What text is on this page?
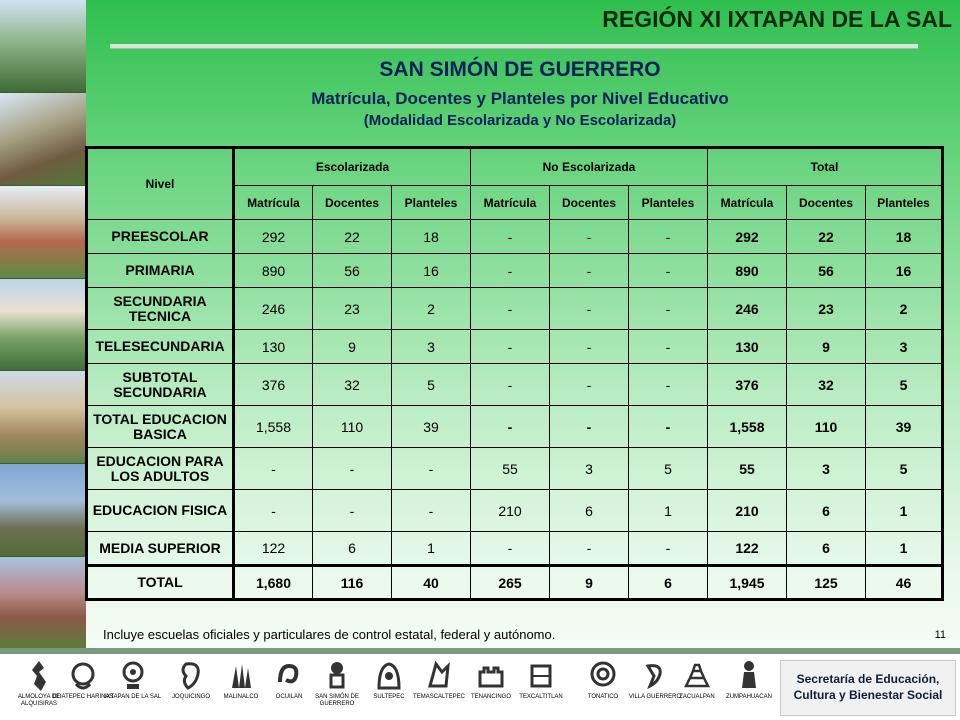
REGIÓN XI IXTAPAN DE LA SAL
SAN SIMÓN DE GUERRERO
Matrícula, Docentes y Planteles por Nivel Educativo
(Modalidad Escolarizada y No Escolarizada)
Nivel	Escolarizada			No Escolarizada			Total		
	Matrícula	Docentes	Planteles	Matrícula	Docentes	Planteles	Matrícula	Docentes	Planteles
PREESCOLAR	292	22	18	-	-	-	292	22	18
PRIMARIA	890	56	16	-	-	-	890	56	16
SECUNDARIA TECNICA	246	23	2	-	-	-	246	23	2
TELESECUNDARIA	130	9	3	-	-	-	130	9	3
SUBTOTAL SECUNDARIA	376	32	5	-	-	-	376	32	5
TOTAL EDUCACION BASICA	1,558	110	39	-	-	-	1,558	110	39
EDUCACION PARA LOS ADULTOS	-	-	-	55	3	5	55	3	5
EDUCACION FISICA	-	-	-	210	6	1	210	6	1
MEDIA SUPERIOR	122	6	1	-	-	-	122	6	1
TOTAL	1,680	116	40	265	9	6	1,945	125	46
Incluye escuelas oficiales y particulares de control estatal, federal y autónomo.	11
ALMOLOYA DE ALQUISIRAS
COATEPEC HARINAS
IXTAPAN DE LA SAL	JOQUICINGO	MALINALCO	OCUILAN	SAN SIMÓN DE GUERRERO
SULTEPEC	TEMASCALTEPEC	TENANCINGO	TEXCALTITLAN	TONATICO	VILLA GUERRERO
ZACUALPAN	ZUMPAHUACAN
Secretaría de Educación, Cultura y Bienestar Social
